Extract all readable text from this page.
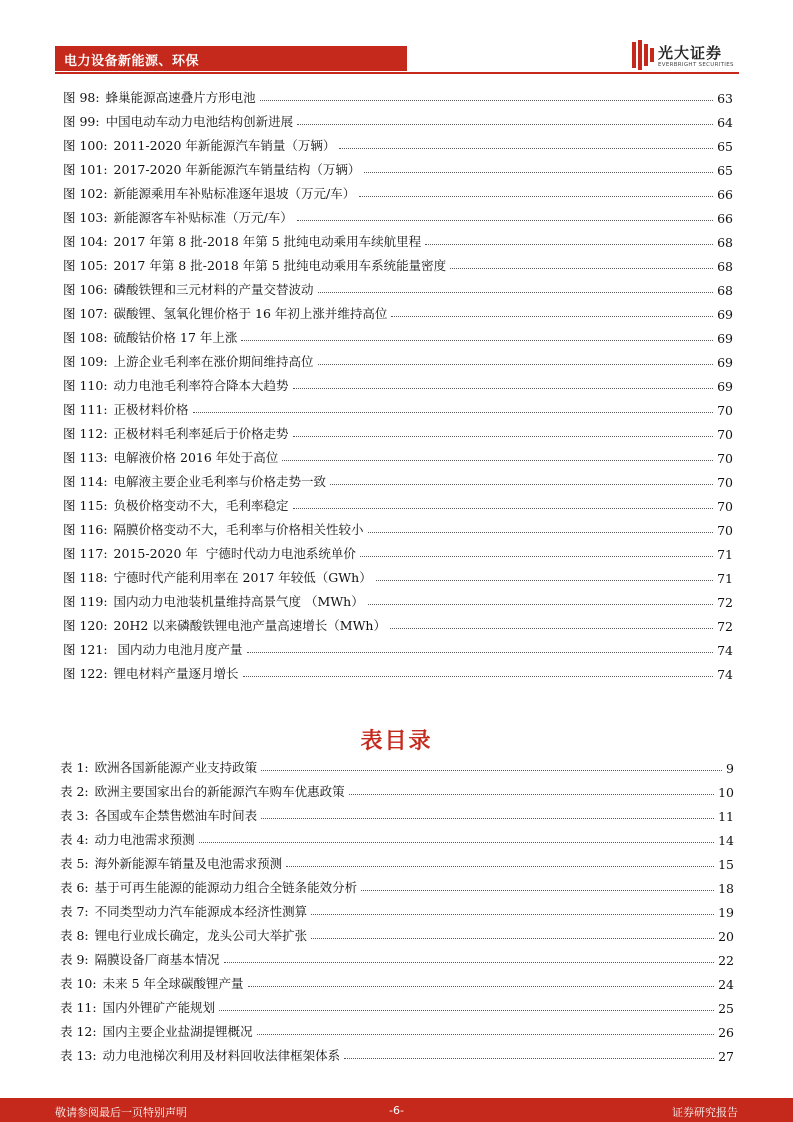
电力设备新能源、环保	光大证券
EVERBRIGHT SECURITIES
图 98: 蜂巢能源高速叠片方形电池	63
图 99: 中国电动车动力电池结构创新进展	64
图 100: 2011-2020 年新能源汽车销量（万辆）	65
图 101: 2017-2020 年新能源汽车销量结构（万辆）	65
图 102: 新能源乘用车补贴标准逐年退坡（万元/车）	66
图 103: 新能源客车补贴标准（万元/车）	66
图 104: 2017 年第 8 批-2018 年第 5 批纯电动乘用车续航里程	68
图 105: 2017 年第 8 批-2018 年第 5 批纯电动乘用车系统能量密度	68
图 106: 磷酸铁锂和三元材料的产量交替波动	68
图 107: 碳酸锂、氢氧化锂价格于 16 年初上涨并维持高位	69
图 108: 硫酸钴价格 17 年上涨	69
图 109: 上游企业毛利率在涨价期间维持高位	69
图 110: 动力电池毛利率符合降本大趋势	69
图 111: 正极材料价格	70
图 112: 正极材料毛利率延后于价格走势	70
图 113: 电解液价格 2016 年处于高位	70
图 114: 电解液主要企业毛利率与价格走势一致	70
图 115: 负极价格变动不大，毛利率稳定	70
图 116: 隔膜价格变动不大，毛利率与价格相关性较小	70
图 117: 2015-2020 年  宁德时代动力电池系统单价	71
图 118: 宁德时代产能利用率在 2017 年较低（GWh）	71
图 119: 国内动力电池装机量维持高景气度 （MWh）	72
图 120: 20H2 以来磷酸铁锂电池产量高速增长（MWh）	72
图 121: 国内动力电池月度产量	74
图 122: 锂电材料产量逐月增长	74
表目录
表 1: 欧洲各国新能源产业支持政策	9
表 2: 欧洲主要国家出台的新能源汽车购车优惠政策	10
表 3: 各国或车企禁售燃油车时间表	11
表 4: 动力电池需求预测	14
表 5: 海外新能源车销量及电池需求预测	15
表 6: 基于可再生能源的能源动力组合全链条能效分析	18
表 7: 不同类型动力汽车能源成本经济性测算	19
表 8: 锂电行业成长确定，龙头公司大举扩张	20
表 9: 隔膜设备厂商基本情况	22
表 10: 未来 5 年全球碳酸锂产量	24
表 11: 国内外锂矿产能规划	25
表 12: 国内主要企业盐湖提锂概况	26
表 13: 动力电池梯次利用及材料回收法律框架体系	27
敬请参阅最后一页特别声明	-6-	证券研究报告
